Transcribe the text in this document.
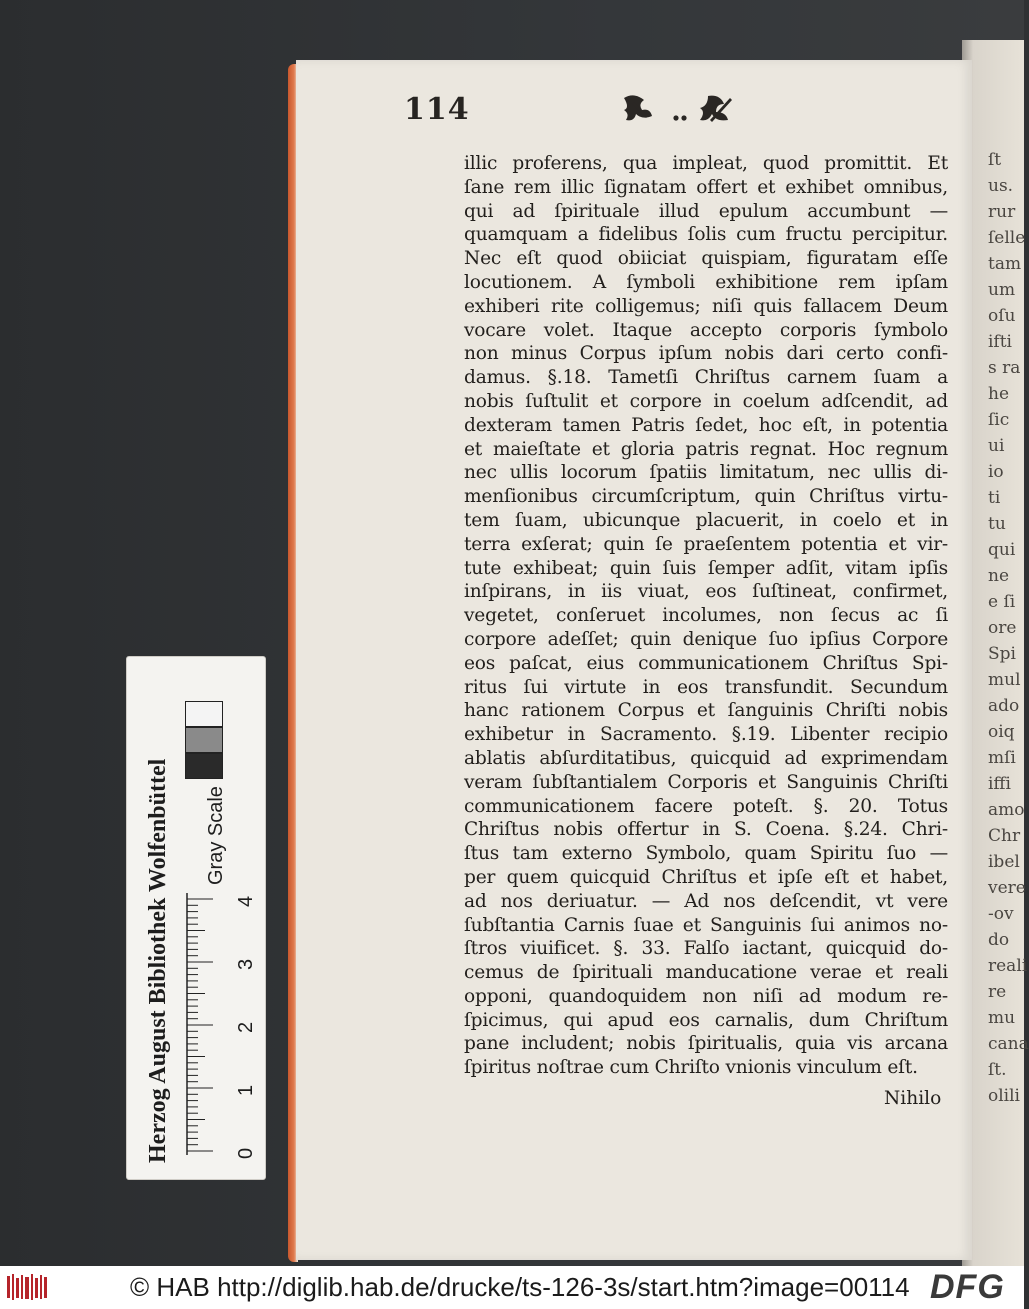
ſt
us.
rur
ſelle
tam
um
oſu
ifti
s ra
he
ſic
ui
io
ti
tu
qui
ne
e ſi
ore
Spi
mul
ado
oiq
mſi
iffi
amo
Chr
ibel
vere
-ov
do
reali
re
mu
cana
ſt.
olili
114
illic proferens, qua impleat, quod promittit. Et
ſane rem illic ſignatam offert et exhibet omnibus,
qui ad ſpirituale illud epulum accumbunt —
quamquam a fidelibus ſolis cum fructu percipitur.
Nec eſt quod obiiciat quispiam, figuratam eſſe
locutionem. A ſymboli exhibitione rem ipſam
exhiberi rite colligemus; niſi quis fallacem Deum
vocare volet. Itaque accepto corporis ſymbolo
non minus Corpus ipſum nobis dari certo confi-
damus. §.18. Tametſi Chriſtus carnem ſuam a
nobis ſuſtulit et corpore in coelum adſcendit, ad
dexteram tamen Patris ſedet, hoc eſt, in potentia
et maieſtate et gloria patris regnat. Hoc regnum
nec ullis locorum ſpatiis limitatum, nec ullis di-
menſionibus circumſcriptum, quin Chriſtus virtu-
tem ſuam, ubicunque placuerit, in coelo et in
terra exſerat; quin ſe praeſentem potentia et vir-
tute exhibeat; quin ſuis ſemper adſit, vitam ipſis
inſpirans, in iis viuat, eos ſuſtineat, confirmet,
vegetet, conſeruet incolumes, non ſecus ac ſi
corpore adeſſet; quin denique ſuo ipſius Corpore
eos paſcat, eius communicationem Chriſtus Spi-
ritus ſui virtute in eos transfundit. Secundum
hanc rationem Corpus et ſanguinis Chriſti nobis
exhibetur in Sacramento. §.19. Libenter recipio
ablatis abſurditatibus, quicquid ad exprimendam
veram ſubſtantialem Corporis et Sanguinis Chriſti
communicationem facere poteſt. §. 20. Totus
Chriſtus nobis offertur in S. Coena. §.24. Chri-
ſtus tam externo Symbolo, quam Spiritu ſuo —
per quem quicquid Chriſtus et ipſe eſt et habet,
ad nos deriuatur. — Ad nos deſcendit, vt vere
ſubſtantia Carnis ſuae et Sanguinis ſui animos no-
ſtros viuificet. §. 33. Falſo iactant, quicquid do-
cemus de ſpirituali manducatione verae et reali
opponi, quandoquidem non niſi ad modum re-
ſpicimus, qui apud eos carnalis, dum Chriſtum
pane includent; nobis ſpiritualis, quia vis arcana
ſpiritus noſtrae cum Chriſto vnionis vinculum eſt.
Nihilo
Herzog August Bibliothek Wolfenbüttel Gray Scale
0
1
2
3
4
© HAB http://diglib.hab.de/drucke/ts-126-3s/start.htm?image=00114 DFG
